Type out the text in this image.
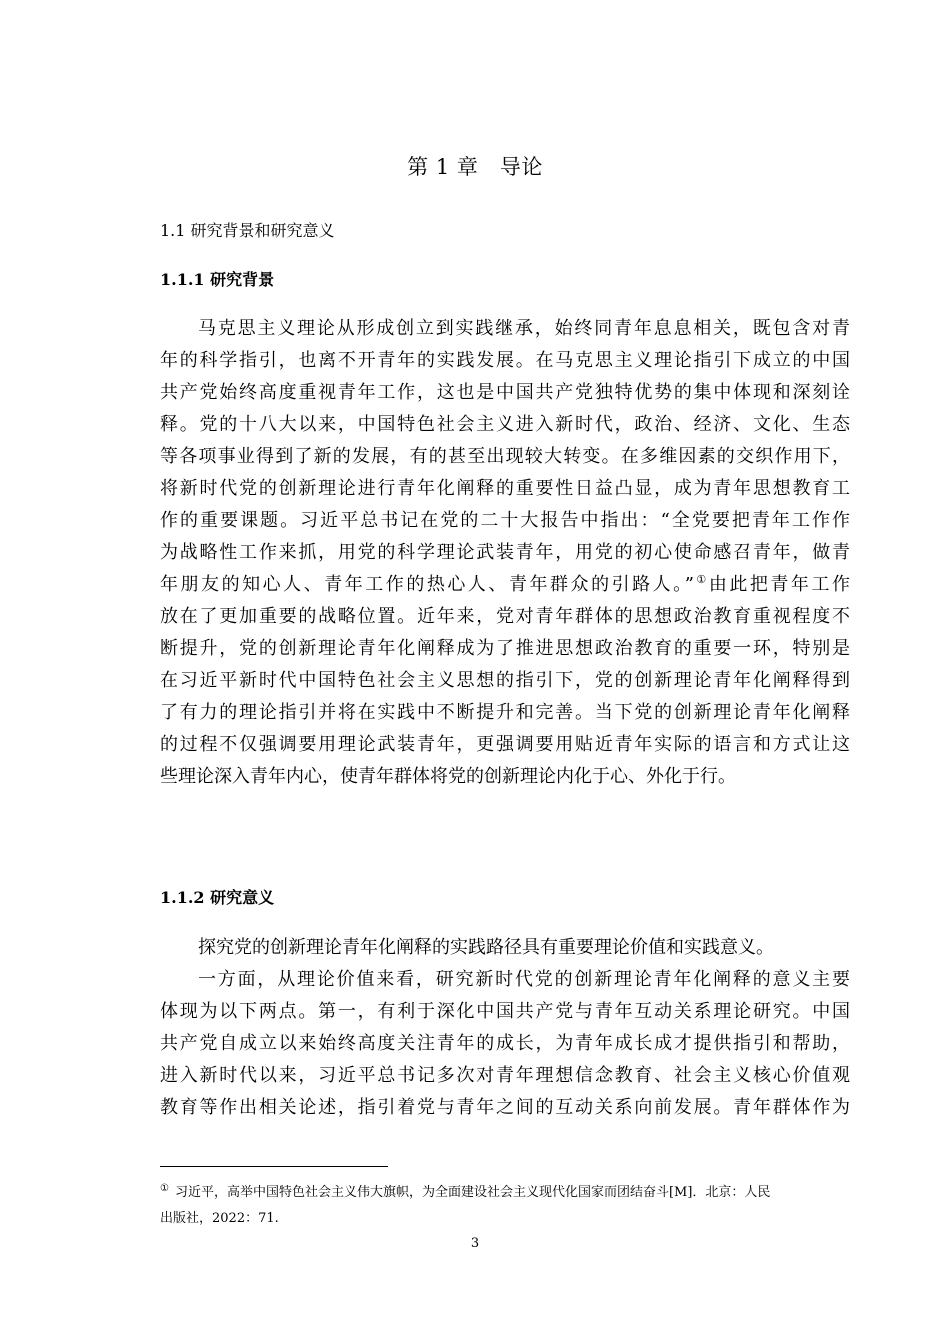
第 1 章　导论
1.1 研究背景和研究意义
1.1.1 研究背景
马克思主义理论从形成创立到实践继承，始终同青年息息相关，既包含对青
年的科学指引，也离不开青年的实践发展。在马克思主义理论指引下成立的中国
共产党始终高度重视青年工作，这也是中国共产党独特优势的集中体现和深刻诠
释。党的十八大以来，中国特色社会主义进入新时代，政治、经济、文化、生态
等各项事业得到了新的发展，有的甚至出现较大转变。在多维因素的交织作用下，
将新时代党的创新理论进行青年化阐释的重要性日益凸显，成为青年思想教育工
作的重要课题。习近平总书记在党的二十大报告中指出：“全党要把青年工作作
为战略性工作来抓，用党的科学理论武装青年，用党的初心使命感召青年，做青
年朋友的知心人、青年工作的热心人、青年群众的引路人。”①由此把青年工作
放在了更加重要的战略位置。近年来，党对青年群体的思想政治教育重视程度不
断提升，党的创新理论青年化阐释成为了推进思想政治教育的重要一环，特别是
在习近平新时代中国特色社会主义思想的指引下，党的创新理论青年化阐释得到
了有力的理论指引并将在实践中不断提升和完善。当下党的创新理论青年化阐释
的过程不仅强调要用理论武装青年，更强调要用贴近青年实际的语言和方式让这
些理论深入青年内心，使青年群体将党的创新理论内化于心、外化于行。
1.1.2 研究意义
探究党的创新理论青年化阐释的实践路径具有重要理论价值和实践意义。
一方面，从理论价值来看，研究新时代党的创新理论青年化阐释的意义主要
体现为以下两点。第一，有利于深化中国共产党与青年互动关系理论研究。中国
共产党自成立以来始终高度关注青年的成长，为青年成长成才提供指引和帮助，
进入新时代以来，习近平总书记多次对青年理想信念教育、社会主义核心价值观
教育等作出相关论述，指引着党与青年之间的互动关系向前发展。青年群体作为
① 习近平，高举中国特色社会主义伟大旗帜，为全面建设社会主义现代化国家而团结奋斗[M]．北京：人民
出版社，2022：71.
3
